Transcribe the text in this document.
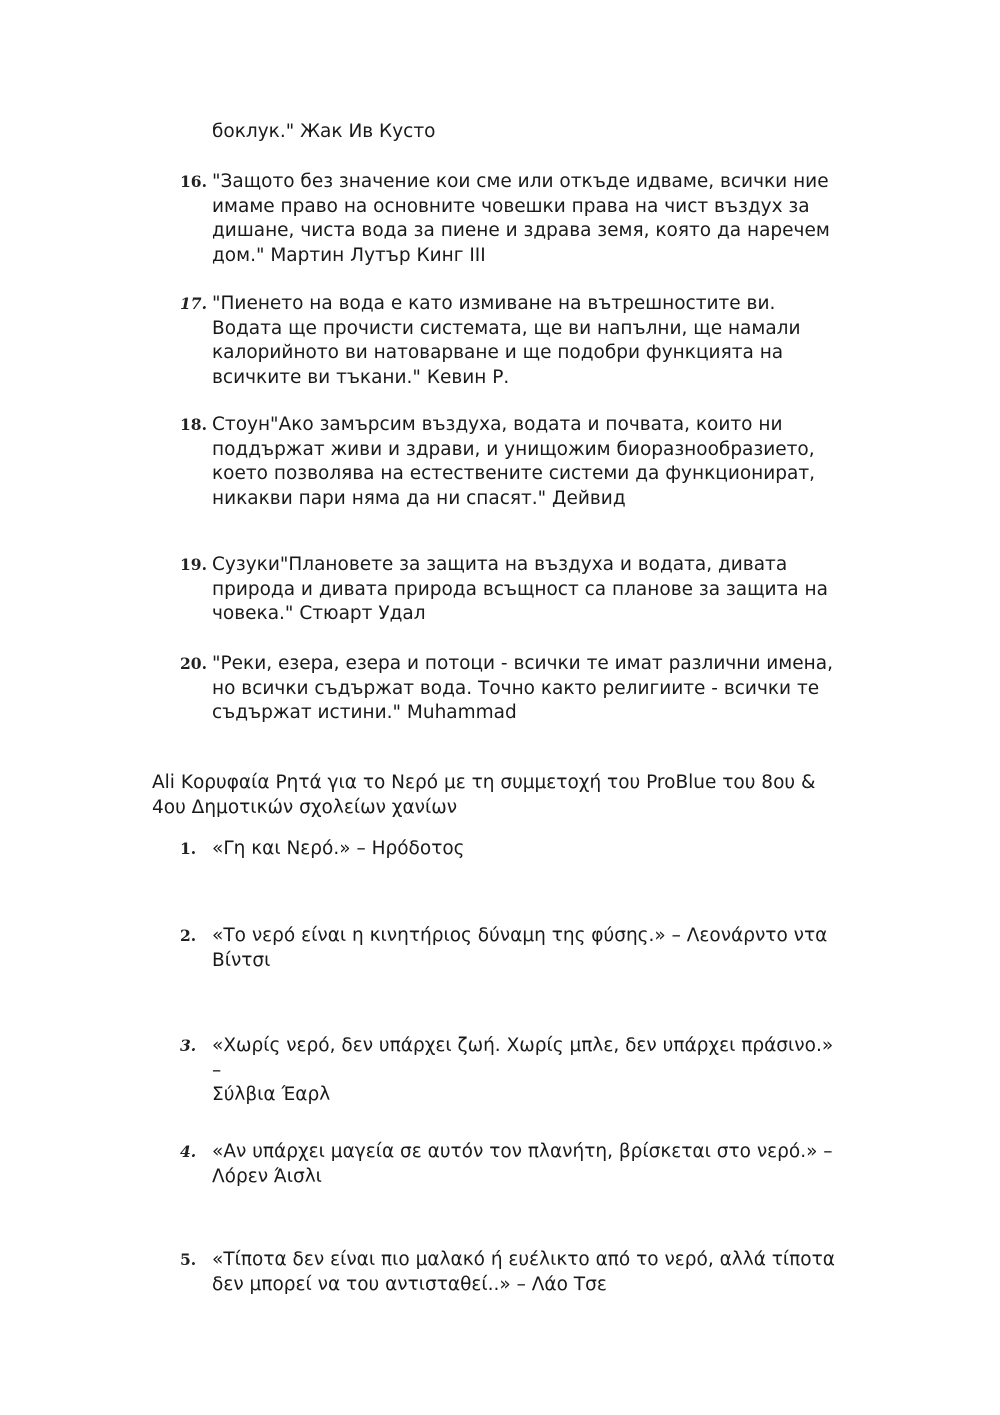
боклук." Жак Ив Кусто
16. "Защото без значение кои сме или откъде идваме, всички ние
имаме право на основните човешки права на чист въздух за
дишане, чиста вода за пиене и здрава земя, която да наречем
дом." Мартин Лутър Кинг III
17. "Пиенето на вода е като измиване на вътрешностите ви.
Водата ще прочисти системата, ще ви напълни, ще намали
калорийното ви натоварване и ще подобри функцията на
всичките ви тъкани." Кевин Р.
18. Стоун"Ако замърсим въздуха, водата и почвата, които ни
поддържат живи и здрави, и унищожим биоразнообразието,
което позволява на естествените системи да функционират,
никакви пари няма да ни спасят." Дейвид
19. Сузуки"Плановете за защита на въздуха и водата, дивата
природа и дивата природа всъщност са планове за защита на
човека." Стюарт Удал
20. "Реки, езера, езера и потоци - всички те имат различни имена,
но всички съдържат вода. Точно както религиите - всички те
съдържат истини." Muhammad
Ali Κορυφαία Ρητά για το Νερό με τη συμμετοχή του ProBlue του 8ου &
4ου Δημοτικών σχολείων χανίων
1. «Γη και Νερό.» – Ηρόδοτος
2. «Το νερό είναι η κινητήριος δύναμη της φύσης.» – Λεονάρντο ντα
Βίντσι
3. «Χωρίς νερό, δεν υπάρχει ζωή. Χωρίς μπλε, δεν υπάρχει πράσινο.» –
Σύλβια Έαρλ
4. «Αν υπάρχει μαγεία σε αυτόν τον πλανήτη, βρίσκεται στο νερό.» –
Λόρεν Άισλι
5. «Τίποτα δεν είναι πιο μαλακό ή ευέλικτο από το νερό, αλλά τίποτα
δεν μπορεί να του αντισταθεί..» – Λάο Τσε
